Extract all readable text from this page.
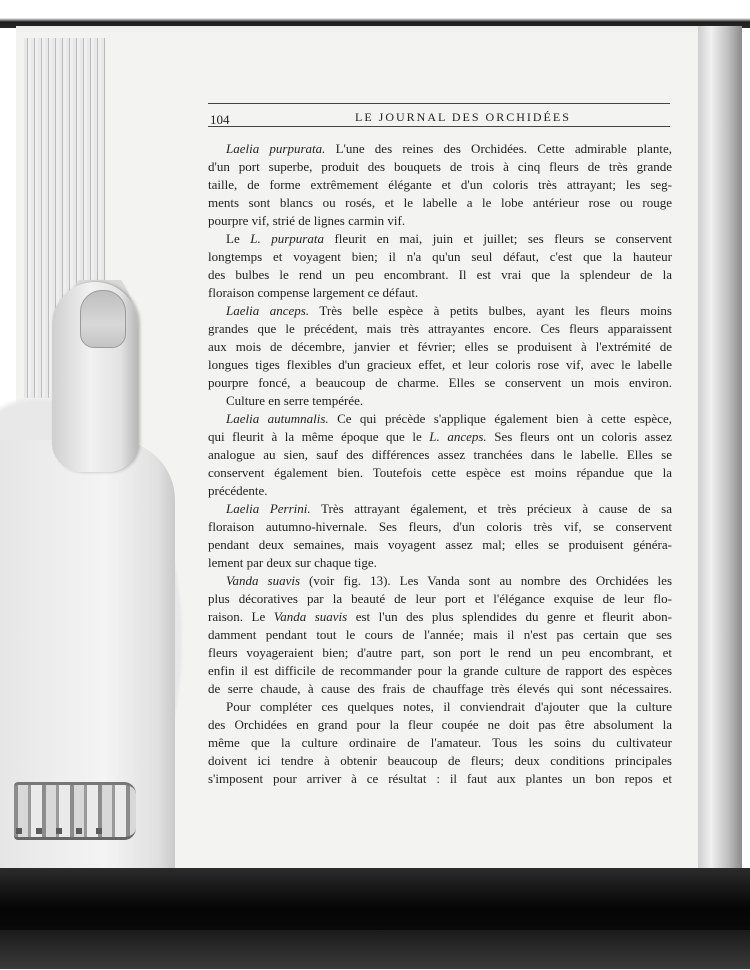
104	LE JOURNAL DES ORCHIDÉES
Laelia purpurata. L'une des reines des Orchidées. Cette admirable plante,
d'un port superbe, produit des bouquets de trois à cinq fleurs de très grande
taille, de forme extrêmement élégante et d'un coloris très attrayant; les seg-
ments sont blancs ou rosés, et le labelle a le lobe antérieur rose ou rouge
pourpre vif, strié de lignes carmin vif.
Le L. purpurata fleurit en mai, juin et juillet; ses fleurs se conservent
longtemps et voyagent bien; il n'a qu'un seul défaut, c'est que la hauteur
des bulbes le rend un peu encombrant. Il est vrai que la splendeur de la
floraison compense largement ce défaut.
Laelia anceps. Très belle espèce à petits bulbes, ayant les fleurs moins
grandes que le précédent, mais très attrayantes encore. Ces fleurs apparaissent
aux mois de décembre, janvier et février; elles se produisent à l'extrémité de
longues tiges flexibles d'un gracieux effet, et leur coloris rose vif, avec le labelle
pourpre foncé, a beaucoup de charme. Elles se conservent un mois environ.
Culture en serre tempérée.
Laelia autumnalis. Ce qui précède s'applique également bien à cette espèce,
qui fleurit à la même époque que le L. anceps. Ses fleurs ont un coloris assez
analogue au sien, sauf des différences assez tranchées dans le labelle. Elles se
conservent également bien. Toutefois cette espèce est moins répandue que la
précédente.
Laelia Perrini. Très attrayant également, et très précieux à cause de sa
floraison autumno-hivernale. Ses fleurs, d'un coloris très vif, se conservent
pendant deux semaines, mais voyagent assez mal; elles se produisent généra-
lement par deux sur chaque tige.
Vanda suavis (voir fig. 13). Les Vanda sont au nombre des Orchidées les
plus décoratives par la beauté de leur port et l'élégance exquise de leur flo-
raison. Le Vanda suavis est l'un des plus splendides du genre et fleurit abon-
damment pendant tout le cours de l'année; mais il n'est pas certain que ses
fleurs voyageraient bien; d'autre part, son port le rend un peu encombrant, et
enfin il est difficile de recommander pour la grande culture de rapport des espèces
de serre chaude, à cause des frais de chauffage très élevés qui sont nécessaires.
Pour compléter ces quelques notes, il conviendrait d'ajouter que la culture
des Orchidées en grand pour la fleur coupée ne doit pas être absolument la
même que la culture ordinaire de l'amateur. Tous les soins du cultivateur
doivent ici tendre à obtenir beaucoup de fleurs; deux conditions principales
s'imposent pour arriver à ce résultat : il faut aux plantes un bon repos et
